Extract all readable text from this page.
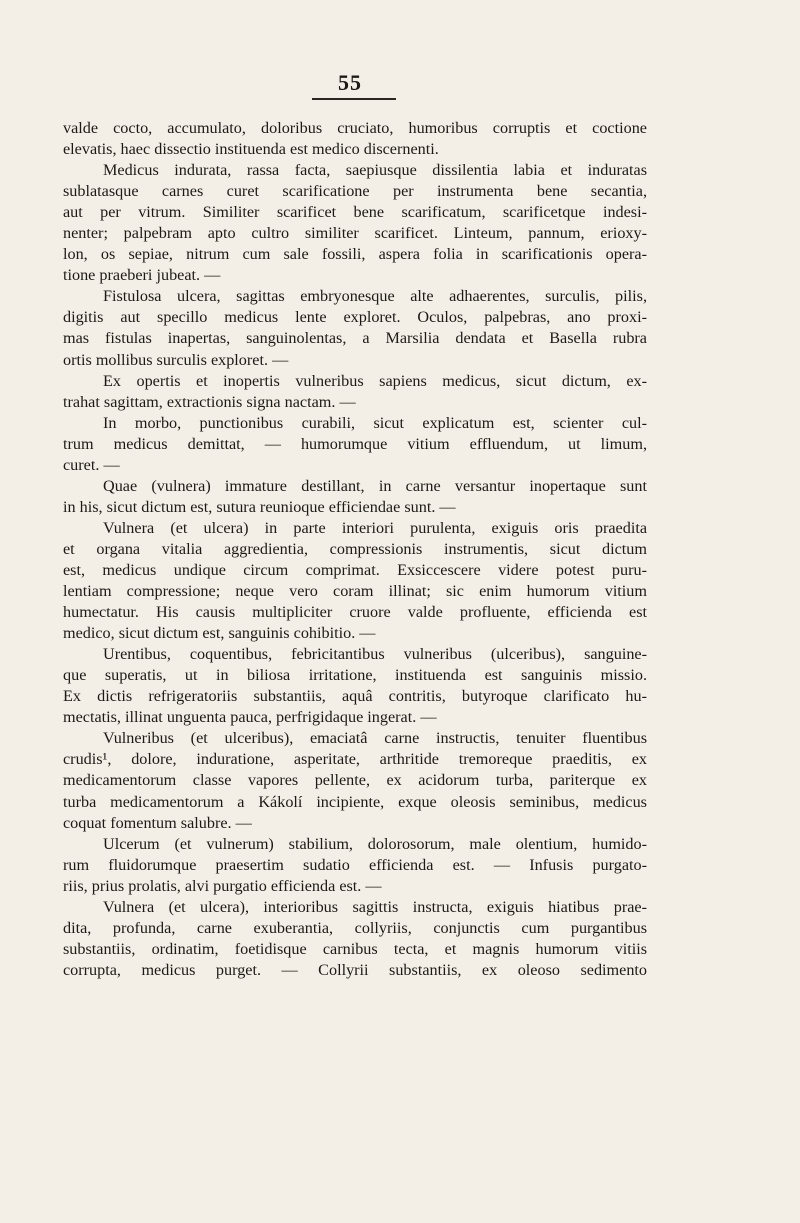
55
valde cocto, accumulato, doloribus cruciato, humoribus corruptis et coctione
elevatis, haec dissectio instituenda est medico discernenti.
Medicus indurata, rassa facta, saepiusque dissilentia labia et induratas
sublatasque carnes curet scarificatione per instrumenta bene secantia,
aut per vitrum. Similiter scarificet bene scarificatum, scarificetque indesi-
nenter; palpebram apto cultro similiter scarificet. Linteum, pannum, erioxy-
lon, os sepiae, nitrum cum sale fossili, aspera folia in scarificationis opera-
tione praeberi jubeat. —
Fistulosa ulcera, sagittas embryonesque alte adhaerentes, surculis, pilis,
digitis aut specillo medicus lente exploret. Oculos, palpebras, ano proxi-
mas fistulas inapertas, sanguinolentas, a Marsilia dendata et Basella rubra
ortis mollibus surculis exploret. —
Ex opertis et inopertis vulneribus sapiens medicus, sicut dictum, ex-
trahat sagittam, extractionis signa nactam. —
In morbo, punctionibus curabili, sicut explicatum est, scienter cul-
trum medicus demittat, — humorumque vitium effluendum, ut limum,
curet. —
Quae (vulnera) immature destillant, in carne versantur inopertaque sunt
in his, sicut dictum est, sutura reunioque efficiendae sunt. —
Vulnera (et ulcera) in parte interiori purulenta, exiguis oris praedita
et organa vitalia aggredientia, compressionis instrumentis, sicut dictum
est, medicus undique circum comprimat. Exsiccescere videre potest puru-
lentiam compressione; neque vero coram illinat; sic enim humorum vitium
humectatur. His causis multipliciter cruore valde profluente, efficienda est
medico, sicut dictum est, sanguinis cohibitio. —
Urentibus, coquentibus, febricitantibus vulneribus (ulceribus), sanguine-
que superatis, ut in biliosa irritatione, instituenda est sanguinis missio.
Ex dictis refrigeratoriis substantiis, aquâ contritis, butyroque clarificato hu-
mectatis, illinat unguenta pauca, perfrigidaque ingerat. —
Vulneribus (et ulceribus), emaciatâ carne instructis, tenuiter fluentibus
crudis¹, dolore, induratione, asperitate, arthritide tremoreque praeditis, ex
medicamentorum classe vapores pellente, ex acidorum turba, pariterque ex
turba medicamentorum a Kákolí incipiente, exque oleosis seminibus, medicus
coquat fomentum salubre. —
Ulcerum (et vulnerum) stabilium, dolorosorum, male olentium, humido-
rum fluidorumque praesertim sudatio efficienda est. — Infusis purgato-
riis, prius prolatis, alvi purgatio efficienda est. —
Vulnera (et ulcera), interioribus sagittis instructa, exiguis hiatibus prae-
dita, profunda, carne exuberantia, collyriis, conjunctis cum purgantibus
substantiis, ordinatim, foetidisque carnibus tecta, et magnis humorum vitiis
corrupta, medicus purget. — Collyrii substantiis, ex oleoso sedimento
